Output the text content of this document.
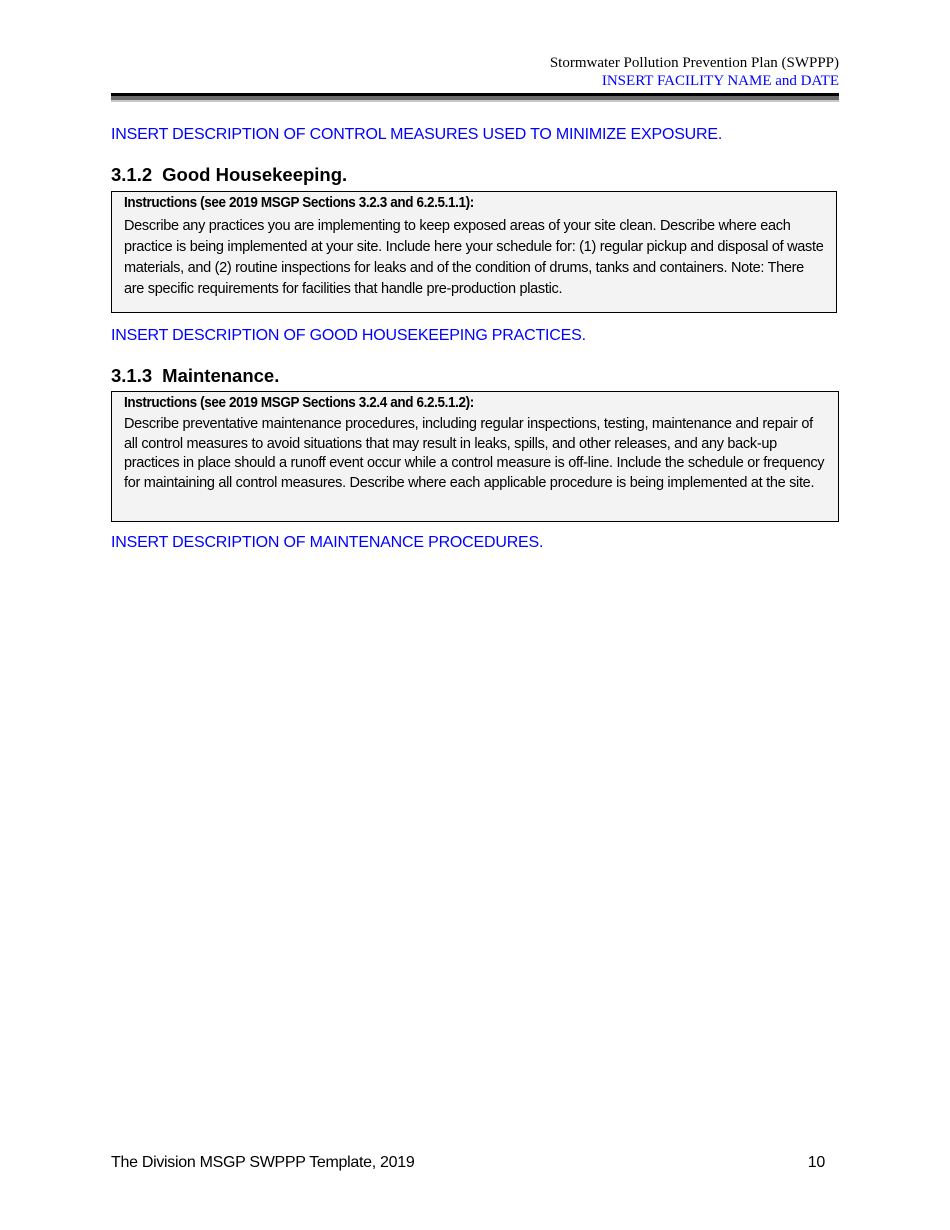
Stormwater Pollution Prevention Plan (SWPPP)
INSERT FACILITY NAME and DATE
INSERT DESCRIPTION OF CONTROL MEASURES USED TO MINIMIZE EXPOSURE.
3.1.2 Good Housekeeping.
Instructions (see 2019 MSGP Sections 3.2.3 and 6.2.5.1.1):
Describe any practices you are implementing to keep exposed areas of your site clean. Describe where each practice is being implemented at your site. Include here your schedule for: (1) regular pickup and disposal of waste materials, and (2) routine inspections for leaks and of the condition of drums, tanks and containers. Note: There are specific requirements for facilities that handle pre-production plastic.
INSERT DESCRIPTION OF GOOD HOUSEKEEPING PRACTICES.
3.1.3 Maintenance.
Instructions (see 2019 MSGP Sections 3.2.4 and 6.2.5.1.2):
Describe preventative maintenance procedures, including regular inspections, testing, maintenance and repair of all control measures to avoid situations that may result in leaks, spills, and other releases, and any back-up practices in place should a runoff event occur while a control measure is off-line. Include the schedule or frequency for maintaining all control measures. Describe where each applicable procedure is being implemented at the site.
INSERT DESCRIPTION OF MAINTENANCE PROCEDURES.
The Division MSGP SWPPP Template, 2019	10
